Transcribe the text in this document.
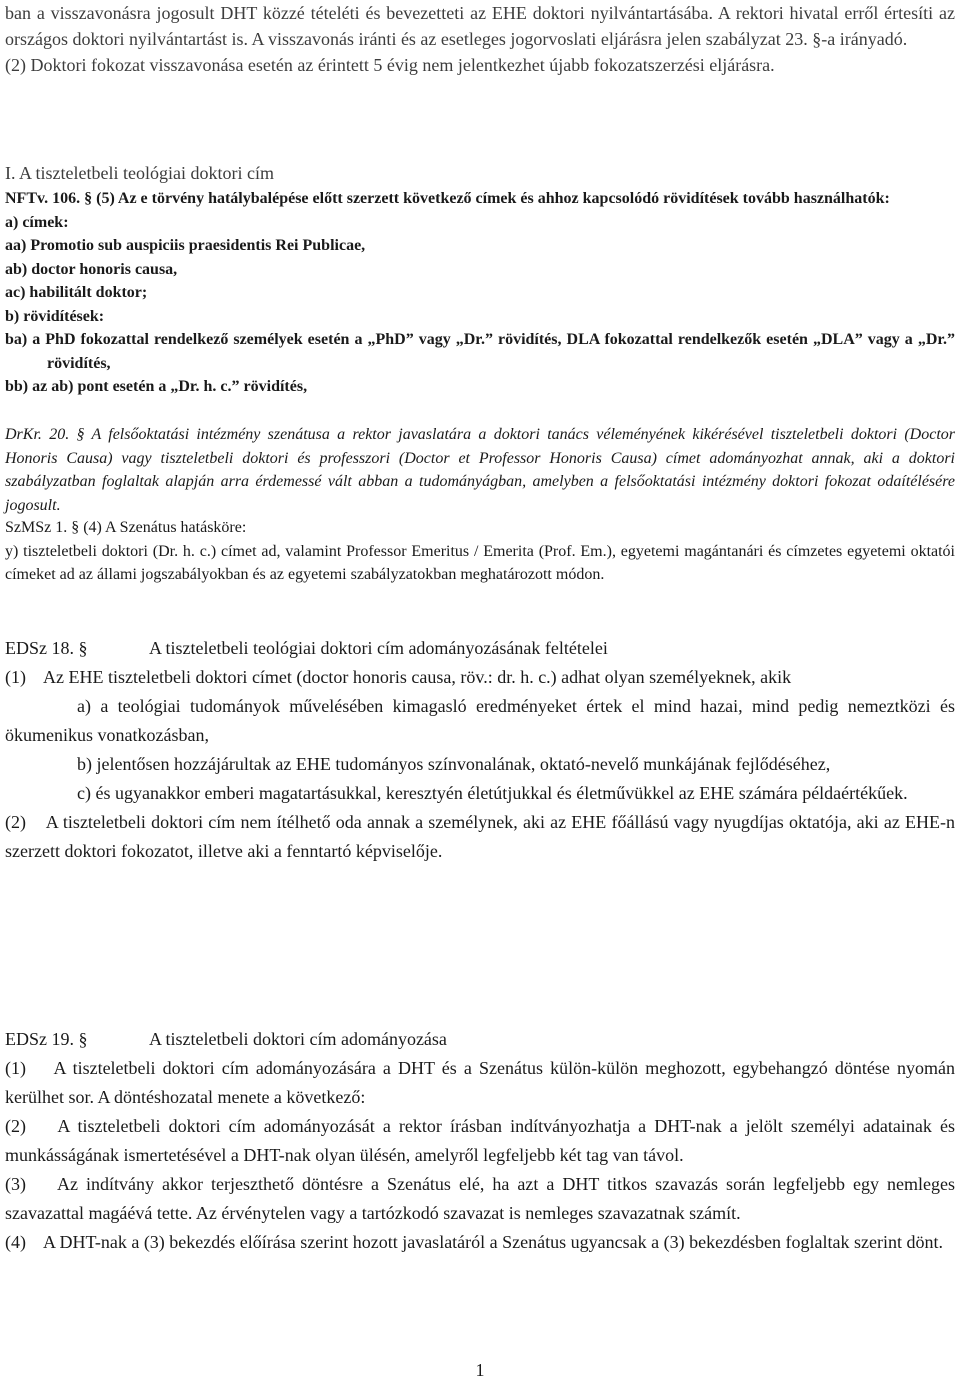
ban a visszavonásra jogosult DHT közzé tételéti és bevezetteti az EHE doktori nyilvántartásába. A rektori hivatal erről értesíti az országos doktori nyilvántartást is. A visszavonás iránti és az esetleges jogorvoslati eljárásra jelen szabályzat 23. §-a irányadó.

(2) Doktori fokozat visszavonása esetén az érintett 5 évig nem jelentkezhet újabb fokozatszerzési eljárásra.

I. A tiszteletbeli teológiai doktori cím

NFTv. 106. § (5) Az e törvény hatálybalépése előtt szerzett következő címek és ahhoz kapcsolódó rövidítések tovább használhatók:

a) címek:

aa) Promotio sub auspiciis praesidentis Rei Publicae,

ab) doctor honoris causa,

ac) habilitált doktor;

b) rövidítések:

ba) a PhD fokozattal rendelkező személyek esetén a „PhD” vagy „Dr.” rövidítés, DLA fokozattal rendelkezők esetén „DLA” vagy a „Dr.” rövidítés,

bb) az ab) pont esetén a „Dr. h. c.” rövidítés,

DrKr. 20. § A felsőoktatási intézmény szenátusa a rektor javaslatára a doktori tanács véleményének kikérésével tiszteletbeli doktori (Doctor Honoris Causa) vagy tiszteletbeli doktori és professzori (Doctor et Professor Honoris Causa) címet adományozhat annak, aki a doktori szabályzatban foglaltak alapján arra érdemessé vált abban a tudományágban, amelyben a felsőoktatási intézmény doktori fokozat odaítélésére jogosult.

SzMSz 1. § (4) A Szenátus hatásköre:

y) tiszteletbeli doktori (Dr. h. c.) címet ad, valamint Professor Emeritus / Emerita (Prof. Em.), egyetemi magántanári és címzetes egyetemi oktatói címeket ad az állami jogszabályokban és az egyetemi szabályzatokban meghatározott módon.

EDSz 18. §	A tiszteletbeli teológiai doktori cím adományozásának feltételei

(1)    Az EHE tiszteletbeli doktori címet (doctor honoris causa, röv.: dr. h. c.) adhat olyan személyeknek, akik

a) a teológiai tudományok művelésében kimagasló eredményeket értek el mind hazai, mind pedig nemeztközi és ökumenikus vonatkozásban,

b) jelentősen hozzájárultak az EHE tudományos színvonalának, oktató-nevelő munkájának fejlődéséhez,

c) és ugyanakkor emberi magatartásukkal, keresztyén életútjukkal és életművükkel az EHE számára példaértékűek.

(2)    A tiszteletbeli doktori cím nem ítélhető oda annak a személynek, aki az EHE főállású vagy nyugdíjas oktatója, aki az EHE-n szerzett doktori fokozatot, illetve aki a fenntartó képviselője.

EDSz 19. §	A tiszteletbeli doktori cím adományozása

(1)    A tiszteletbeli doktori cím adományozására a DHT és a Szenátus külön-külön meghozott, egybehangzó döntése nyomán kerülhet sor. A döntéshozatal menete a következő:

(2)    A tiszteletbeli doktori cím adományozását a rektor írásban indítványozhatja a DHT-nak a jelölt személyi adatainak és munkásságának ismertetésével a DHT-nak olyan ülésén, amelyről legfeljebb két tag van távol.

(3)    Az indítvány akkor terjeszthető döntésre a Szenátus elé, ha azt a DHT titkos szavazás során legfeljebb egy nemleges szavazattal magáévá tette. Az érvénytelen vagy a tartózkodó szavazat is nemleges szavazatnak számít.

(4)    A DHT-nak a (3) bekezdés előírása szerint hozott javaslatáról a Szenátus ugyancsak a (3) bekezdésben foglaltak szerint dönt.

1
